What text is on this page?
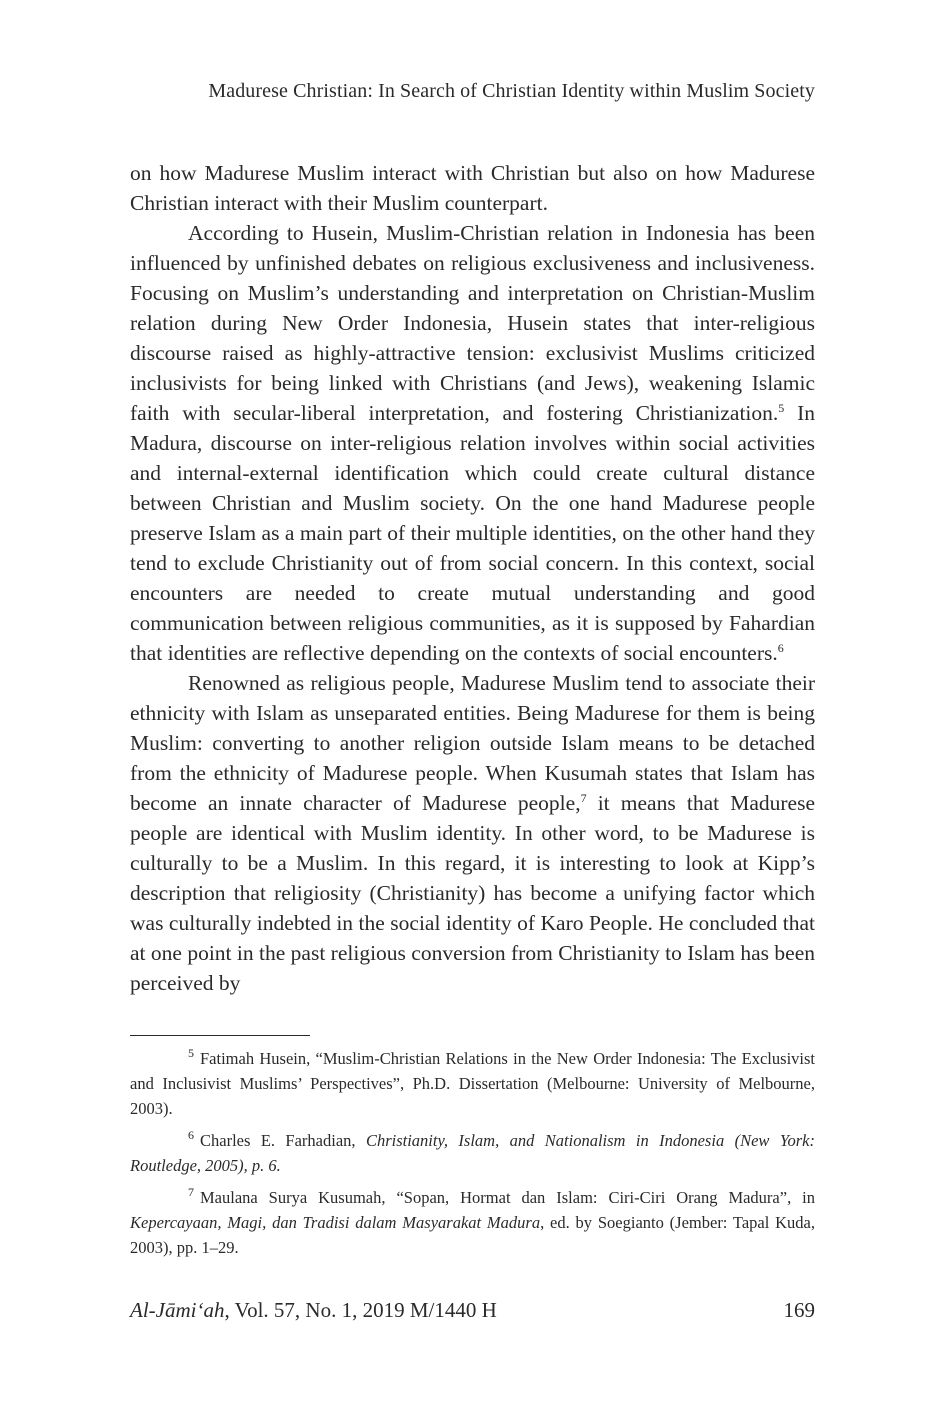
Madurese Christian: In Search of Christian Identity within Muslim Society

on how Madurese Muslim interact with Christian but also on how Madurese Christian interact with their Muslim counterpart.

According to Husein, Muslim-Christian relation in Indonesia has been influenced by unfinished debates on religious exclusiveness and inclusiveness. Focusing on Muslim’s understanding and interpretation on Christian-Muslim relation during New Order Indonesia, Husein states that inter-religious discourse raised as highly-attractive tension: exclusivist Muslims criticized inclusivists for being linked with Christians (and Jews), weakening Islamic faith with secular-liberal interpretation, and fostering Christianization.$^5$ In Madura, discourse on inter-religious relation involves within social activities and internal-external identification which could create cultural distance between Christian and Muslim society. On the one hand Madurese people preserve Islam as a main part of their multiple identities, on the other hand they tend to exclude Christianity out of from social concern. In this context, social encounters are needed to create mutual understanding and good communication between religious communities, as it is supposed by Fahardian that identities are reflective depending on the contexts of social encounters.$^6$

Renowned as religious people, Madurese Muslim tend to associate their ethnicity with Islam as unseparated entities. Being Madurese for them is being Muslim: converting to another religion outside Islam means to be detached from the ethnicity of Madurese people. When Kusumah states that Islam has become an innate character of Madurese people,$^7$ it means that Madurese people are identical with Muslim identity. In other word, to be Madurese is culturally to be a Muslim. In this regard, it is interesting to look at Kipp’s description that religiosity (Christianity) has become a unifying factor which was culturally indebted in the social identity of Karo People. He concluded that at one point in the past religious conversion from Christianity to Islam has been perceived by

$^5$ Fatimah Husein, “Muslim-Christian Relations in the New Order Indonesia: The Exclusivist and Inclusivist Muslims’ Perspectives”, Ph.D. Dissertation (Melbourne: University of Melbourne, 2003).

$^6$ Charles E. Farhadian, Christianity, Islam, and Nationalism in Indonesia (New York: Routledge, 2005), p. 6.

$^7$ Maulana Surya Kusumah, “Sopan, Hormat dan Islam: Ciri-Ciri Orang Madura”, in Kepercayaan, Magi, dan Tradisi dalam Masyarakat Madura, ed. by Soegianto (Jember: Tapal Kuda, 2003), pp. 1–29.

Al-Jāmi‘ah, Vol. 57, No. 1, 2019 M/1440 H	169
